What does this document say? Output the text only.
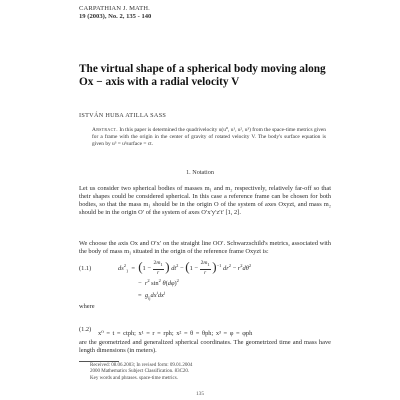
CARPATHIAN J. MATH.
19 (2003), No. 2, 135 - 140
The virtual shape of a spherical body moving along Ox − axis with a radial velocity V
ISTVÁN HUBA ATILLA SASS
Abstract. In this paper is determined the quadrivelocity u(u⁰, u¹, u², u³) from the space-time metrics given for a frame with the origin in the center of gravity of rotated velocity V. The body's surface equation is given by u³ = u³surface = ct.
1. Notation
Let us consider two spherical bodies of masses m₁ and m₂ respectively, relatively far-off so that their shapes could be considered spherical. In this case a reference frame can be chosen for both bodies, so that the mass m₁ should be in the origin O of the system of axes Oxyzt, and mass m₂ should be in the origin O′ of the system of axes O′x′y′z′t′ [1, 2].
We choose the axis Ox and O′x′ on the straight line OO′. Schwarzschild's metrics, associated with the body of mass m₁ situated in the origin of the reference frame Oxyzt is:
(1.1)	$ds^2_1 = (1 - \frac{2m_1}{r}$ ) $dt^2 - (1 - \frac{2m_1}{r} )^{-1}$ $dr^2 - r^2d\theta^2$
−  $r^2$ $\sin^2 \theta(d\varphi)^2$
=  $g_{ij}dx^idx^j$
where
(1.2)
x⁰ = t = ctph; x¹ = r = rph; x² = θ = θph; x³ = φ = φph
are the geometrized and generalized spherical coordinates. The geometrized time and mass have length dimensions (in meters).
Received: 08.06.2003; In revised form: 09.01.2004
2000 Mathematics Subject Classification. 83C20.
Key words and phrases. space-time metrics.
135
